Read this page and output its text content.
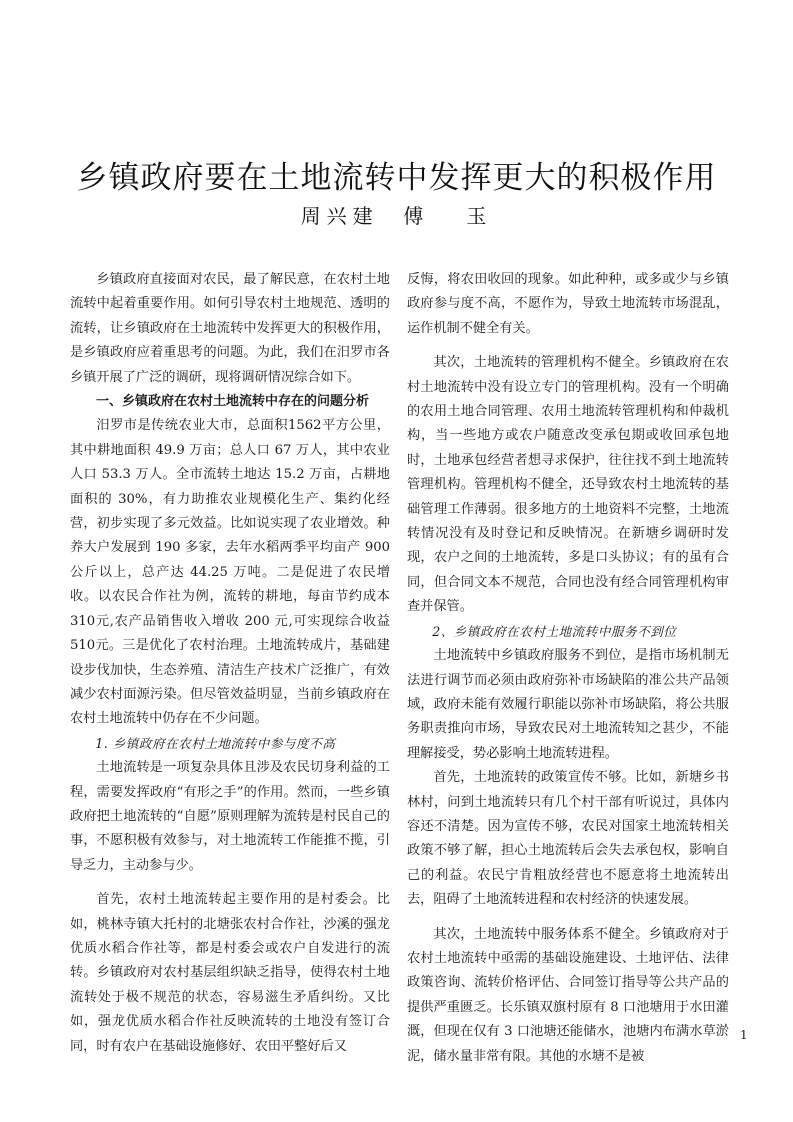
乡镇政府要在土地流转中发挥更大的积极作用
周兴建  傅   玉

乡镇政府直接面对农民，最了解民意，在农村土地流转中起着重要作用。如何引导农村土地规范、透明的流转，让乡镇政府在土地流转中发挥更大的积极作用，是乡镇政府应着重思考的问题。为此，我们在汨罗市各乡镇开展了广泛的调研，现将调研情况综合如下。

一、乡镇政府在农村土地流转中存在的问题分析

汨罗市是传统农业大市，总面积1562平方公里，其中耕地面积 49.9 万亩；总人口 67 万人，其中农业人口 53.3 万人。全市流转土地达 15.2 万亩，占耕地面积的 30%，有力助推农业规模化生产、集约化经营，初步实现了多元效益。比如说实现了农业增效。种养大户发展到 190 多家，去年水稻两季平均亩产 900 公斤以上，总产达 44.25 万吨。二是促进了农民增收。以农民合作社为例，流转的耕地，每亩节约成本 310元,农产品销售收入增收 200 元,可实现综合收益 510元。三是优化了农村治理。土地流转成片，基础建设步伐加快，生态养殖、清洁生产技术广泛推广，有效减少农村面源污染。但尽管效益明显，当前乡镇政府在农村土地流转中仍存在不少问题。

1. 乡镇政府在农村土地流转中参与度不高

土地流转是一项复杂具体且涉及农民切身利益的工程，需要发挥政府“有形之手”的作用。然而，一些乡镇政府把土地流转的“自愿”原则理解为流转是村民自己的事，不愿积极有效参与，对土地流转工作能推不揽，引导乏力，主动参与少。

首先，农村土地流转起主要作用的是村委会。比如，桃林寺镇大托村的北塘张农村合作社，沙溪的强龙优质水稻合作社等，都是村委会或农户自发进行的流转。乡镇政府对农村基层组织缺乏指导，使得农村土地流转处于极不规范的状态，容易滋生矛盾纠纷。又比如，强龙优质水稻合作社反映流转的土地没有签订合同，时有农户在基础设施修好、农田平整好后又

反悔，将农田收回的现象。如此种种，或多或少与乡镇政府参与度不高，不愿作为，导致土地流转市场混乱，运作机制不健全有关。

其次，土地流转的管理机构不健全。乡镇政府在农村土地流转中没有设立专门的管理机构。没有一个明确的农用土地合同管理、农用土地流转管理机构和仲裁机构，当一些地方或农户随意改变承包期或收回承包地时，土地承包经营者想寻求保护，往往找不到土地流转管理机构。管理机构不健全，还导致农村土地流转的基础管理工作薄弱。很多地方的土地资料不完整，土地流转情况没有及时登记和反映情况。在新塘乡调研时发现，农户之间的土地流转，多是口头协议；有的虽有合同，但合同文本不规范，合同也没有经合同管理机构审查并保管。

2、乡镇政府在农村土地流转中服务不到位

土地流转中乡镇政府服务不到位，是指市场机制无法进行调节而必须由政府弥补市场缺陷的准公共产品领域，政府未能有效履行职能以弥补市场缺陷，将公共服务职责推向市场，导致农民对土地流转知之甚少，不能理解接受，势必影响土地流转进程。

首先，土地流转的政策宣传不够。比如，新塘乡书林村，问到土地流转只有几个村干部有听说过，具体内容还不清楚。因为宣传不够，农民对国家土地流转相关政策不够了解，担心土地流转后会失去承包权，影响自己的利益。农民宁肯粗放经营也不愿意将土地流转出去，阻碍了土地流转进程和农村经济的快速发展。

其次，土地流转中服务体系不健全。乡镇政府对于农村土地流转中亟需的基础设施建设、土地评估、法律政策咨询、流转价格评估、合同签订指导等公共产品的提供严重匮乏。长乐镇双旗村原有 8 口池塘用于水田灌溉，但现在仅有 3 口池塘还能储水，池塘内布满水草淤泥，储水量非常有限。其他的水塘不是被

1
